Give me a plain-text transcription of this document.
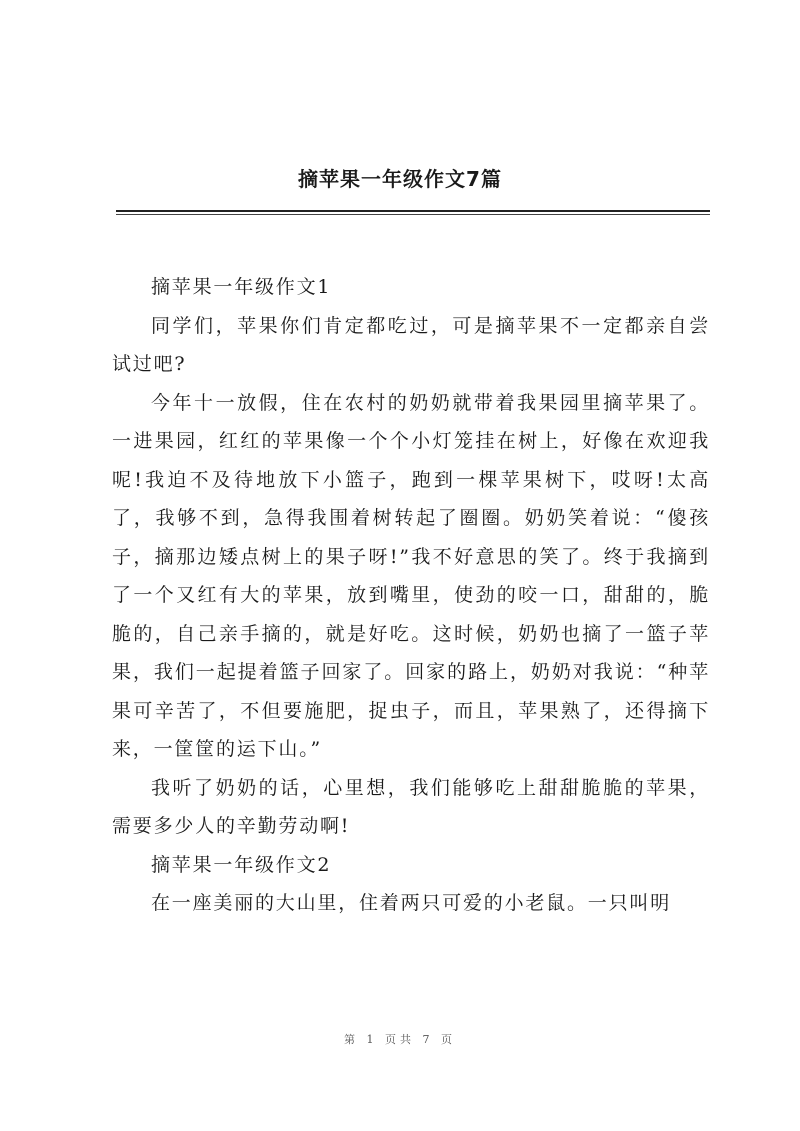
摘苹果一年级作文7篇

摘苹果一年级作文1

同学们，苹果你们肯定都吃过，可是摘苹果不一定都亲自尝试过吧?

今年十一放假，住在农村的奶奶就带着我果园里摘苹果了。一进果园，红红的苹果像一个个小灯笼挂在树上，好像在欢迎我呢!我迫不及待地放下小篮子，跑到一棵苹果树下，哎呀!太高了，我够不到，急得我围着树转起了圈圈。奶奶笑着说：“傻孩子，摘那边矮点树上的果子呀!”我不好意思的笑了。终于我摘到了一个又红有大的苹果，放到嘴里，使劲的咬一口，甜甜的，脆脆的，自己亲手摘的，就是好吃。这时候，奶奶也摘了一篮子苹果，我们一起提着篮子回家了。回家的路上，奶奶对我说：“种苹果可辛苦了，不但要施肥，捉虫子，而且，苹果熟了，还得摘下来，一筐筐的运下山。”

我听了奶奶的话，心里想，我们能够吃上甜甜脆脆的苹果，需要多少人的辛勤劳动啊!

摘苹果一年级作文2

在一座美丽的大山里，住着两只可爱的小老鼠。一只叫明

第 1 页共 7 页
